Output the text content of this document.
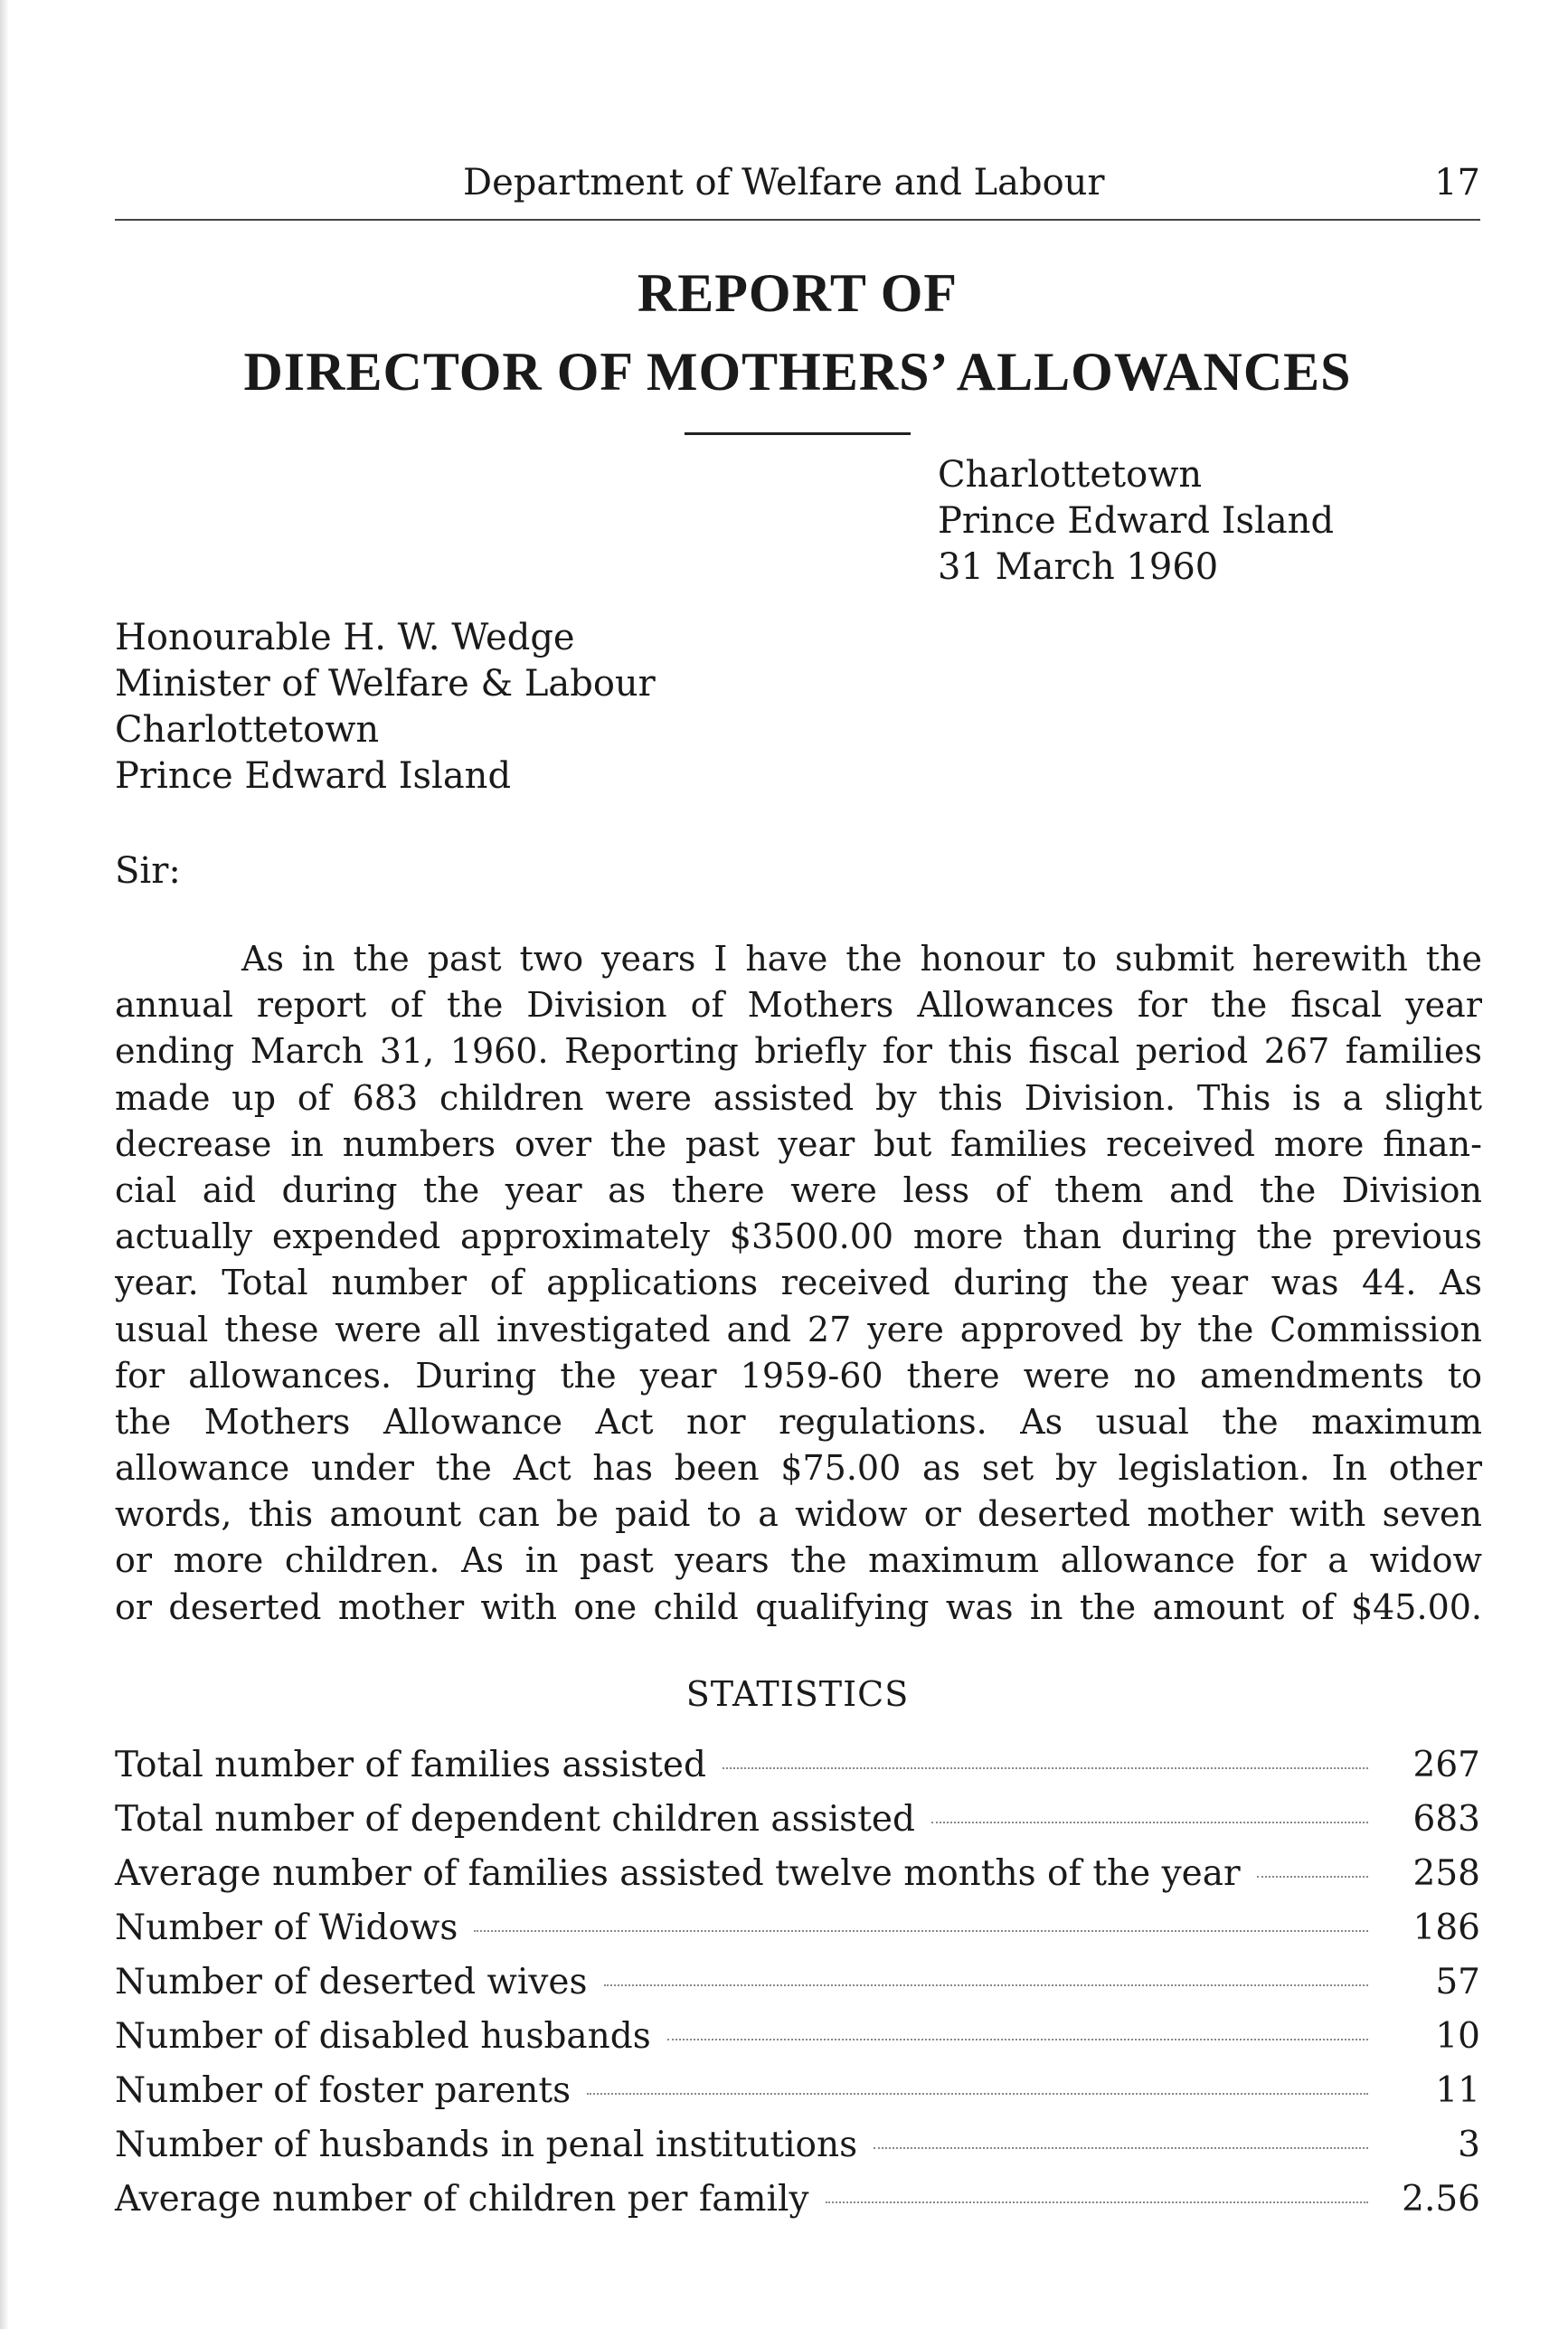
Department of Welfare and Labour	17
REPORT OF
DIRECTOR OF MOTHERS’ ALLOWANCES
Charlottetown
Prince Edward Island
31 March 1960
Honourable H. W. Wedge
Minister of Welfare & Labour
Charlottetown
Prince Edward Island
Sir:
As in the past two years I have the honour to submit herewith the
annual report of the Division of Mothers Allowances for the fiscal year
ending March 31, 1960. Reporting briefly for this fiscal period 267 families
made up of 683 children were assisted by this Division. This is a slight
decrease in numbers over the past year but families received more finan-
cial aid during the year as there were less of them and the Division
actually expended approximately $3500.00 more than during the previous
year. Total number of applications received during the year was 44. As
usual these were all investigated and 27 yere approved by the Commission
for allowances. During the year 1959-60 there were no amendments to
the Mothers Allowance Act nor regulations. As usual the maximum
allowance under the Act has been $75.00 as set by legislation. In other
words, this amount can be paid to a widow or deserted mother with seven
or more children. As in past years the maximum allowance for a widow
or deserted mother with one child qualifying was in the amount of $45.00.
STATISTICS
Total number of families assisted	267
Total number of dependent children assisted	683
Average number of families assisted twelve months of the year	258
Number of Widows	186
Number of deserted wives	57
Number of disabled husbands	10
Number of foster parents	11
Number of husbands in penal institutions	3
Average number of children per family	2.56
